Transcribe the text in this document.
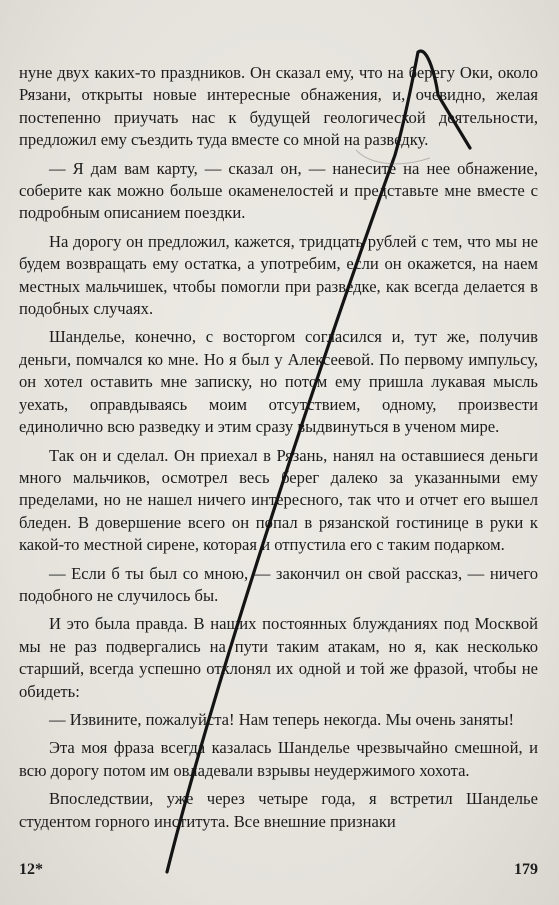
нуне двух каких-то праздников. Он сказал ему, что на берегу Оки, около Рязани, открыты новые интересные обнажения, и, очевидно, желая постепенно приучать нас к будущей геологической деятельности, предложил ему съездить туда вместе со мной на разведку.

— Я дам вам карту, — сказал он, — нанесите на нее обнажение, соберите как можно больше окаменелостей и представьте мне вместе с подробным описанием поездки.

На дорогу он предложил, кажется, тридцать рублей с тем, что мы не будем возвращать ему остатка, а употребим, если он окажется, на наем местных мальчишек, чтобы помогли при разведке, как всегда делается в подобных случаях.

Шанделье, конечно, с восторгом согласился и, тут же, получив деньги, помчался ко мне. Но я был у Алексеевой. По первому импульсу, он хотел оставить мне записку, но потом ему пришла лукавая мысль уехать, оправдываясь моим отсутствием, одному, произвести единолично всю разведку и этим сразу выдвинуться в ученом мире.

Так он и сделал. Он приехал в Рязань, нанял на оставшиеся деньги много мальчиков, осмотрел весь берег далеко за указанными ему пределами, но не нашел ничего интересного, так что и отчет его вышел бледен. В довершение всего он попал в рязанской гостинице в руки к какой-то местной сирене, которая и отпустила его с таким подарком.

— Если б ты был со мною, — закончил он свой рассказ, — ничего подобного не случилось бы.

И это была правда. В наших постоянных блужданиях под Москвой мы не раз подвергались на пути таким атакам, но я, как несколько старший, всегда успешно отклонял их одной и той же фразой, чтобы не обидеть:

— Извините, пожалуйста! Нам теперь некогда. Мы очень заняты!

Эта моя фраза всегда казалась Шанделье чрезвычайно смешной, и всю дорогу потом им овладевали взрывы неудержимого хохота.

Впоследствии, уже через четыре года, я встретил Шанделье студентом горного института. Все внешние признаки

12*	179
